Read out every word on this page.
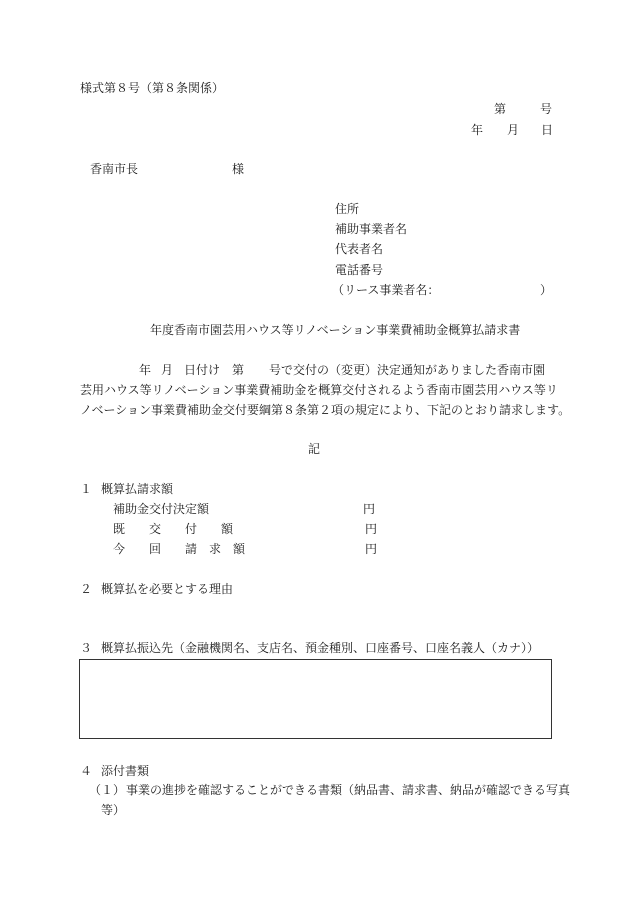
様式第８号（第８条関係）
第	号
年 月 日
香南市長	様
住所
補助事業者名
代表者名
電話番号
（リース事業者名：	）
年度香南市園芸用ハウス等リノベーション事業費補助金概算払請求書
年 月 日付け 第 号で交付の（変更）決定通知がありました香南市園
芸用ハウス等リノベーション事業費補助金を概算交付されるよう香南市園芸用ハウス等リ
ノベーション事業費補助金交付要綱第８条第２項の規定により、下記のとおり請求します。
記
１ 概算払請求額
補助金交付決定額	円
既　　交　　付　　額	円
今　　回　　請　求　額	円
２ 概算払を必要とする理由
３ 概算払振込先（金融機関名、支店名、預金種別、口座番号、口座名義人（カナ））
４ 添付書類
（１） 事業の進捗を確認することができる書類（納品書、請求書、納品が確認できる写真
等）
